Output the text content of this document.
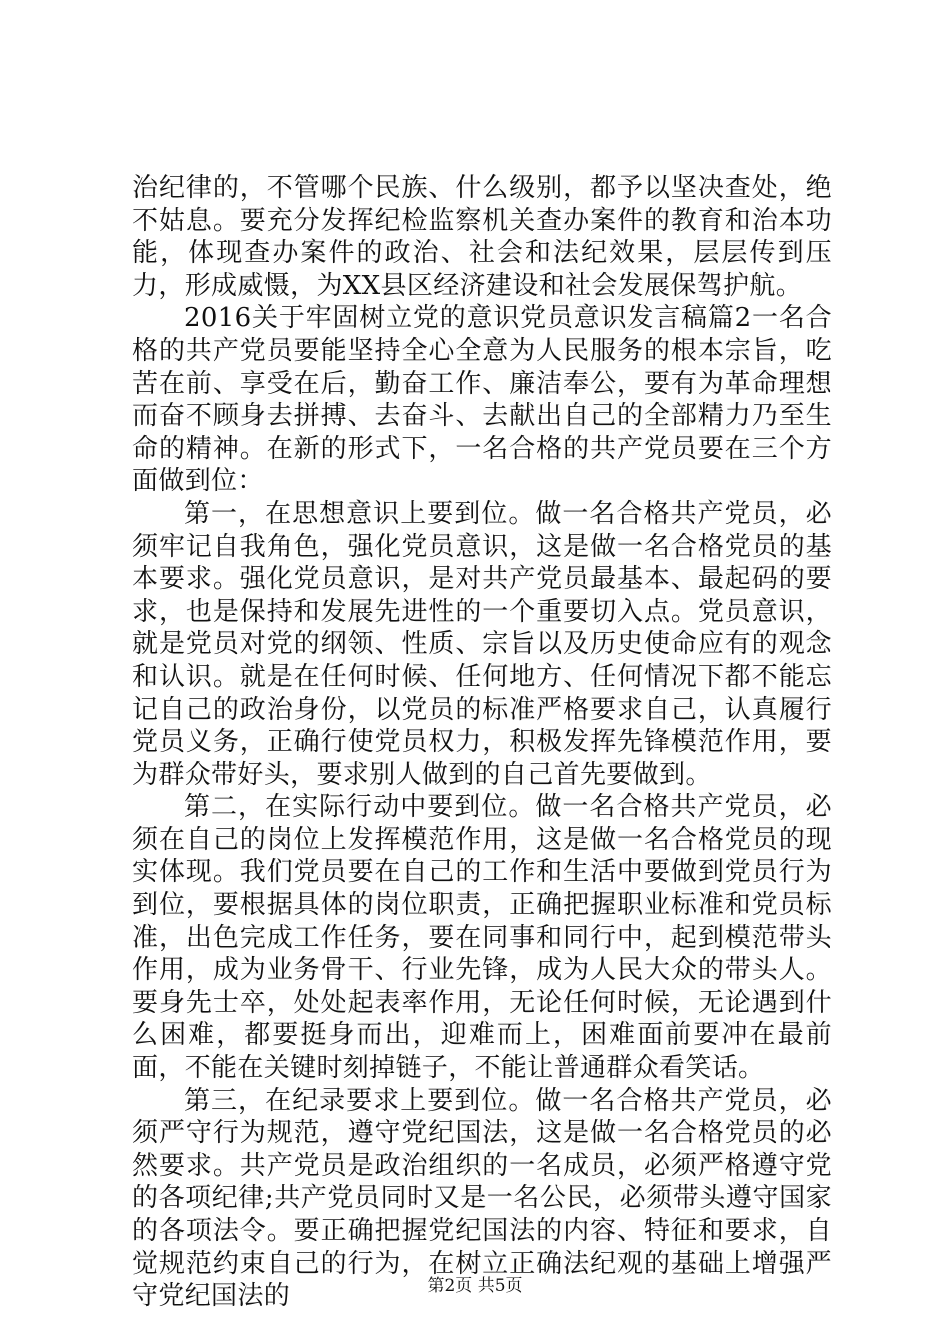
治纪律的，不管哪个民族、什么级别，都予以坚决查处，绝不姑息。要充分发挥纪检监察机关查办案件的教育和治本功能，体现查办案件的政治、社会和法纪效果，层层传到压力，形成威慑，为XX县区经济建设和社会发展保驾护航。

2016关于牢固树立党的意识党员意识发言稿篇2一名合格的共产党员要能坚持全心全意为人民服务的根本宗旨，吃苦在前、享受在后，勤奋工作、廉洁奉公，要有为革命理想而奋不顾身去拼搏、去奋斗、去献出自己的全部精力乃至生命的精神。在新的形式下，一名合格的共产党员要在三个方面做到位：

第一，在思想意识上要到位。做一名合格共产党员，必须牢记自我角色，强化党员意识，这是做一名合格党员的基本要求。强化党员意识，是对共产党员最基本、最起码的要求，也是保持和发展先进性的一个重要切入点。党员意识，就是党员对党的纲领、性质、宗旨以及历史使命应有的观念和认识。就是在任何时候、任何地方、任何情况下都不能忘记自己的政治身份，以党员的标准严格要求自己，认真履行党员义务，正确行使党员权力，积极发挥先锋模范作用，要为群众带好头，要求别人做到的自己首先要做到。

第二，在实际行动中要到位。做一名合格共产党员，必须在自己的岗位上发挥模范作用，这是做一名合格党员的现实体现。我们党员要在自己的工作和生活中要做到党员行为到位，要根据具体的岗位职责，正确把握职业标准和党员标准，出色完成工作任务，要在同事和同行中，起到模范带头作用，成为业务骨干、行业先锋，成为人民大众的带头人。要身先士卒，处处起表率作用，无论任何时候，无论遇到什么困难，都要挺身而出，迎难而上，困难面前要冲在最前面，不能在关键时刻掉链子，不能让普通群众看笑话。

第三，在纪录要求上要到位。做一名合格共产党员，必须严守行为规范，遵守党纪国法，这是做一名合格党员的必然要求。共产党员是政治组织的一名成员，必须严格遵守党的各项纪律;共产党员同时又是一名公民，必须带头遵守国家的各项法令。要正确把握党纪国法的内容、特征和要求，自觉规范约束自己的行为，在树立正确法纪观的基础上增强严守党纪国法的	第2页 共5页
